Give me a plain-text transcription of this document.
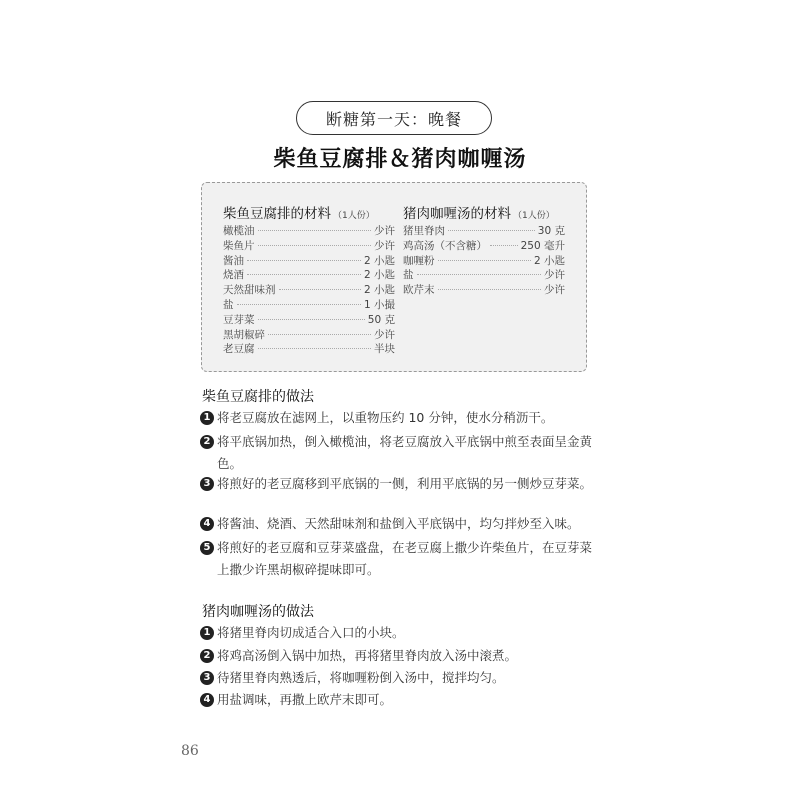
断糖第一天：晚餐
柴鱼豆腐排＆猪肉咖喱汤
柴鱼豆腐排的材料 （1人份）
橄榄油	少许
柴鱼片	少许
酱油	2 小匙
烧酒	2 小匙
天然甜味剂	2 小匙
盐	1 小撮
豆芽菜	50 克
黑胡椒碎	少许
老豆腐	半块
猪肉咖喱汤的材料 （1人份）
猪里脊肉	30 克
鸡高汤（不含糖）	250 毫升
咖喱粉	2 小匙
盐	少许
欧芹末	少许
柴鱼豆腐排的做法
1 将老豆腐放在滤网上，以重物压约 10 分钟，使水分稍沥干。
2 将平底锅加热，倒入橄榄油，将老豆腐放入平底锅中煎至表面呈金黄色。
3 将煎好的老豆腐移到平底锅的一侧，利用平底锅的另一侧炒豆芽菜。
4 将酱油、烧酒、天然甜味剂和盐倒入平底锅中，均匀拌炒至入味。
5 将煎好的老豆腐和豆芽菜盛盘，在老豆腐上撒少许柴鱼片，在豆芽菜上撒少许黑胡椒碎提味即可。
猪肉咖喱汤的做法
1 将猪里脊肉切成适合入口的小块。
2 将鸡高汤倒入锅中加热，再将猪里脊肉放入汤中滚煮。
3 待猪里脊肉熟透后，将咖喱粉倒入汤中，搅拌均匀。
4 用盐调味，再撒上欧芹末即可。
86
